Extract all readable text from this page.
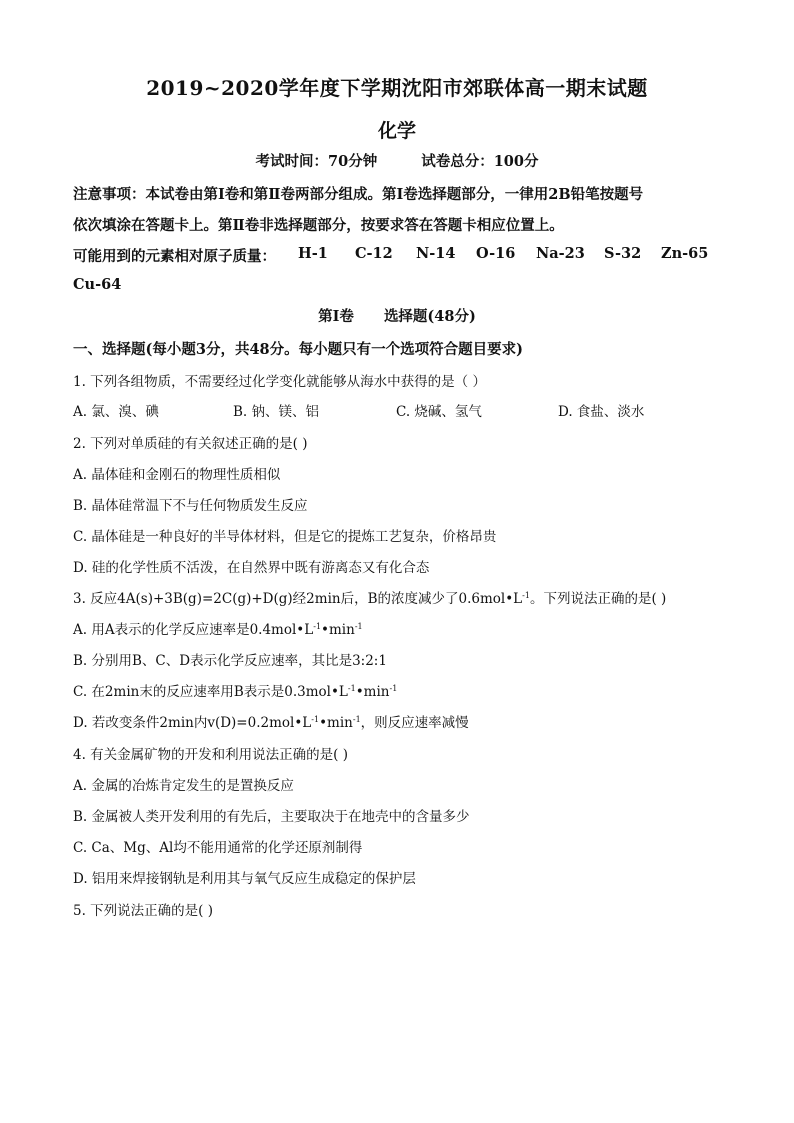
2019~2020学年度下学期沈阳市郊联体高一期末试题
化学
考试时间：70分钟	试卷总分：100分
注意事项：本试卷由第Ⅰ卷和第Ⅱ卷两部分组成。第Ⅰ卷选择题部分，一律用2B铅笔按题号
依次填涂在答题卡上。第Ⅱ卷非选择题部分，按要求答在答题卡相应位置上。
可能用到的元素相对原子质量： H-1 C-12 N-14 O-16 Na-23 S-32 Zn-65
Cu-64
第Ⅰ卷 选择题(48分)
一、选择题(每小题3分，共48分。每小题只有一个选项符合题目要求)
1. 下列各组物质，不需要经过化学变化就能够从海水中获得的是（ ）
A. 氯、溴、碘	B. 钠、镁、铝	C. 烧碱、氢气	D. 食盐、淡水
2. 下列对单质硅的有关叙述正确的是( )
A. 晶体硅和金刚石的物理性质相似
B. 晶体硅常温下不与任何物质发生反应
C. 晶体硅是一种良好的半导体材料，但是它的提炼工艺复杂，价格昂贵
D. 硅的化学性质不活泼，在自然界中既有游离态又有化合态
3. 反应4A(s)+3B(g)=2C(g)+D(g)经2min后，B的浓度减少了$0.6mol•L^{-1}$。下列说法正确的是( )
A. 用A表示的化学反应速率是$0.4mol•L^{-1}•\min^{-1}$
B. 分别用B、C、D表示化学反应速率，其比是3:2:1
C. 在2min末的反应速率用B表示是$0.3mol•L^{-1}•\min^{-1}$
D. 若改变条件2min内$v(D)=0.2mol•L^{-1}•\min^{-1}$，则反应速率减慢
4. 有关金属矿物的开发和利用说法正确的是( )
A. 金属的冶炼肯定发生的是置换反应
B. 金属被人类开发利用的有先后，主要取决于在地壳中的含量多少
C. Ca、Mg、Al均不能用通常的化学还原剂制得
D. 铝用来焊接钢轨是利用其与氧气反应生成稳定的保护层
5. 下列说法正确的是( )
